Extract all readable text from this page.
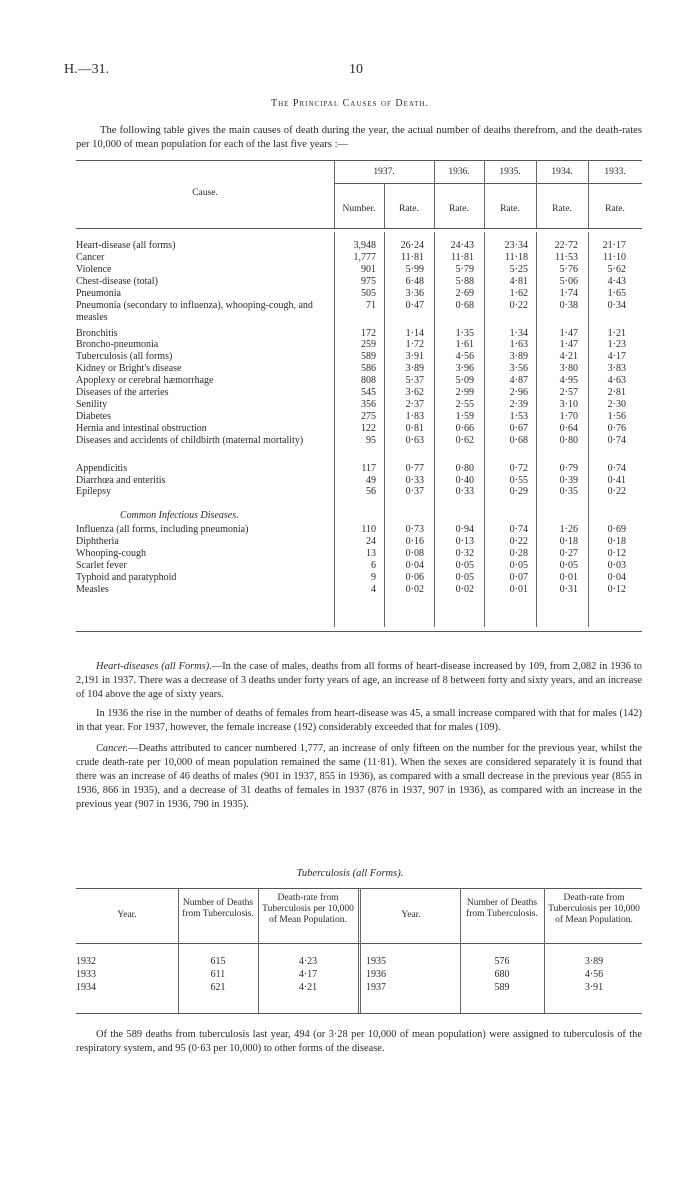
H.—31.	10
The Principal Causes of Death.
The following table gives the main causes of death during the year, the actual number of deaths therefrom, and the death-rates per 10,000 of mean population for each of the last five years :—
Cause.
1937.	1936.	1935.	1934.	1933.
Number.	Rate.	Rate.	Rate.	Rate.	Rate.
Heart-disease (all forms)	3,948 26·24	24·43	23·34	22·72 21·17
Cancer	1,777	11·81	11·81	11·18	11·53	11·10
Violence	901	5·99	5·79	5·25	5·76	5·62
Chest-disease (total)	975	6·48	5·88	4·81	5·06	4·43
Pneumonia	505	3·36	2·69	1·62	1·74	1·65
Pneumonia (secondary to influenza), whooping-cough, and measles
71	0·47	0·68	0·22	0·38	0·34
Bronchitis	172	1·14	1·35	1·34	1·47	1·21
Broncho-pneumonia	259	1·72	1·61	1·63	1·47	1·23
Tuberculosis (all forms)	589	3·91	4·56	3·89	4·21	4·17
Kidney or Bright's disease	586	3·89	3·96	3·56	3·80	3·83
Apoplexy or cerebral hæmorrhage	808	5·37	5·09	4·87	4·95	4·63
Diseases of the arteries	545	3·62	2·99	2·96	2·57	2·81
Senility	356	2·37	2·55	2·39	3·10	2·30
Diabetes	275	1·83	1·59	1·53	1·70	1·56
Hernia and intestinal obstruction	122	0·81	0·66	0·67	0·64	0·76
Diseases and accidents of childbirth (maternal mortality)	95	0·63	0·62	0·68	0·80	0·74
Appendicitis	117	0·77	0·80	0·72	0·79	0·74
Diarrhœa and enteritis	49	0·33	0·40	0·55	0·39	0·41
Epilepsy	56	0·37	0·33	0·29	0·35	0·22
Influenza (all forms, including pneumonia)	110	0·73	0·94	0·74	1·26	0·69
Diphtheria	24	0·16	0·13	0·22	0·18	0·18
Whooping-cough	13	0·08	0·32	0·28	0·27	0·12
Scarlet fever	6	0·04	0·05	0·05	0·05	0·03
Typhoid and paratyphoid	9	0·06	0·05	0·07	0·01	0·04
Measles	4	0·02	0·02	0·01	0·31	0·12
Common Infectious Diseases.
Heart-diseases (all Forms).—In the case of males, deaths from all forms of heart-disease increased by 109, from 2,082 in 1936 to 2,191 in 1937. There was a decrease of 3 deaths under forty years of age, an increase of 8 between forty and sixty years, and an increase of 104 above the age of sixty years.
In 1936 the rise in the number of deaths of females from heart-disease was 45, a small increase compared with that for males (142) in that year. For 1937, however, the female increase (192) considerably exceeded that for males (109).
Cancer.—Deaths attributed to cancer numbered 1,777, an increase of only fifteen on the number for the previous year, whilst the crude death-rate per 10,000 of mean population remained the same (11·81). When the sexes are considered separately it is found that there was an increase of 46 deaths of males (901 in 1937, 855 in 1936), as compared with a small decrease in the previous year (855 in 1936, 866 in 1935), and a decrease of 31 deaths of females in 1937 (876 in 1937, 907 in 1936), as compared with an increase in the previous year (907 in 1936, 790 in 1935).
Tuberculosis (all Forms).
Year.
Number of Deaths from Tuberculosis.
Death-rate from Tuberculosis per 10,000 of Mean Population.	Year.
Number of Deaths from Tuberculosis.
Death-rate from Tuberculosis per 10,000 of Mean Population.
1932	615	4·23	1935	576	3·89
1933	611	4·17	1936	680	4·56
1934	621	4·21	1937	589	3·91
Of the 589 deaths from tuberculosis last year, 494 (or 3·28 per 10,000 of mean population) were assigned to tuberculosis of the respiratory system, and 95 (0·63 per 10,000) to other forms of the disease.
